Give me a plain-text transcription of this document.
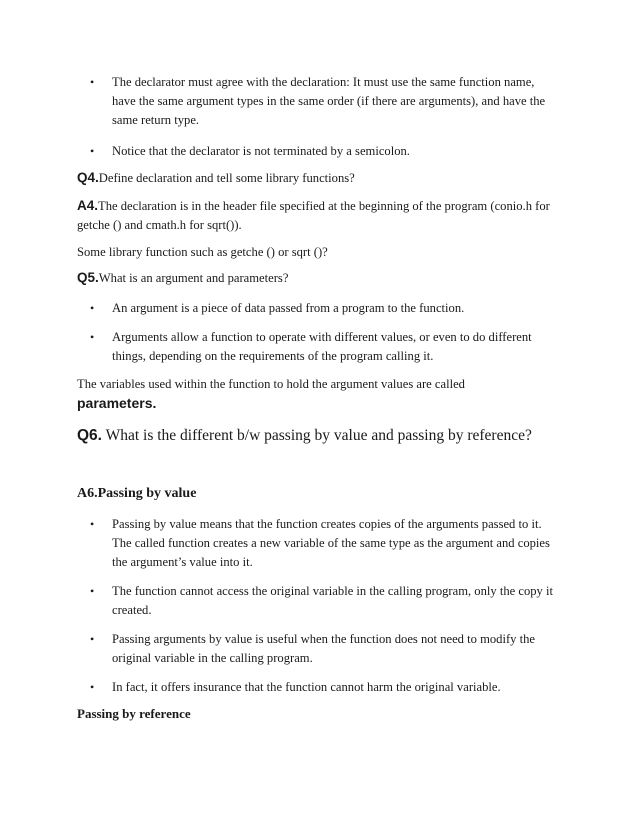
• The declarator must agree with the declaration: It must use the same function name, have the same argument types in the same order (if there are arguments), and have the same return type.
• Notice that the declarator is not terminated by a semicolon.

Q4.Define declaration and tell some library functions?

A4.The declaration is in the header file specified at the beginning of the program (conio.h for getche () and cmath.h for sqrt()).

Some library function such as getche () or sqrt ()?

Q5.What is an argument and parameters?

• An argument is a piece of data passed from a program to the function.
• Arguments allow a function to operate with different values, or even to do different things, depending on the requirements of the program calling it.

The variables used within the function to hold the argument values are called
parameters.

Q6. What is the different b/w passing by value and passing by reference?

A6.Passing by value

• Passing by value means that the function creates copies of the arguments passed to it. The called function creates a new variable of the same type as the argument and copies the argument’s value into it.
• The function cannot access the original variable in the calling program, only the copy it created.
• Passing arguments by value is useful when the function does not need to modify the original variable in the calling program.
• In fact, it offers insurance that the function cannot harm the original variable.

Passing by reference
